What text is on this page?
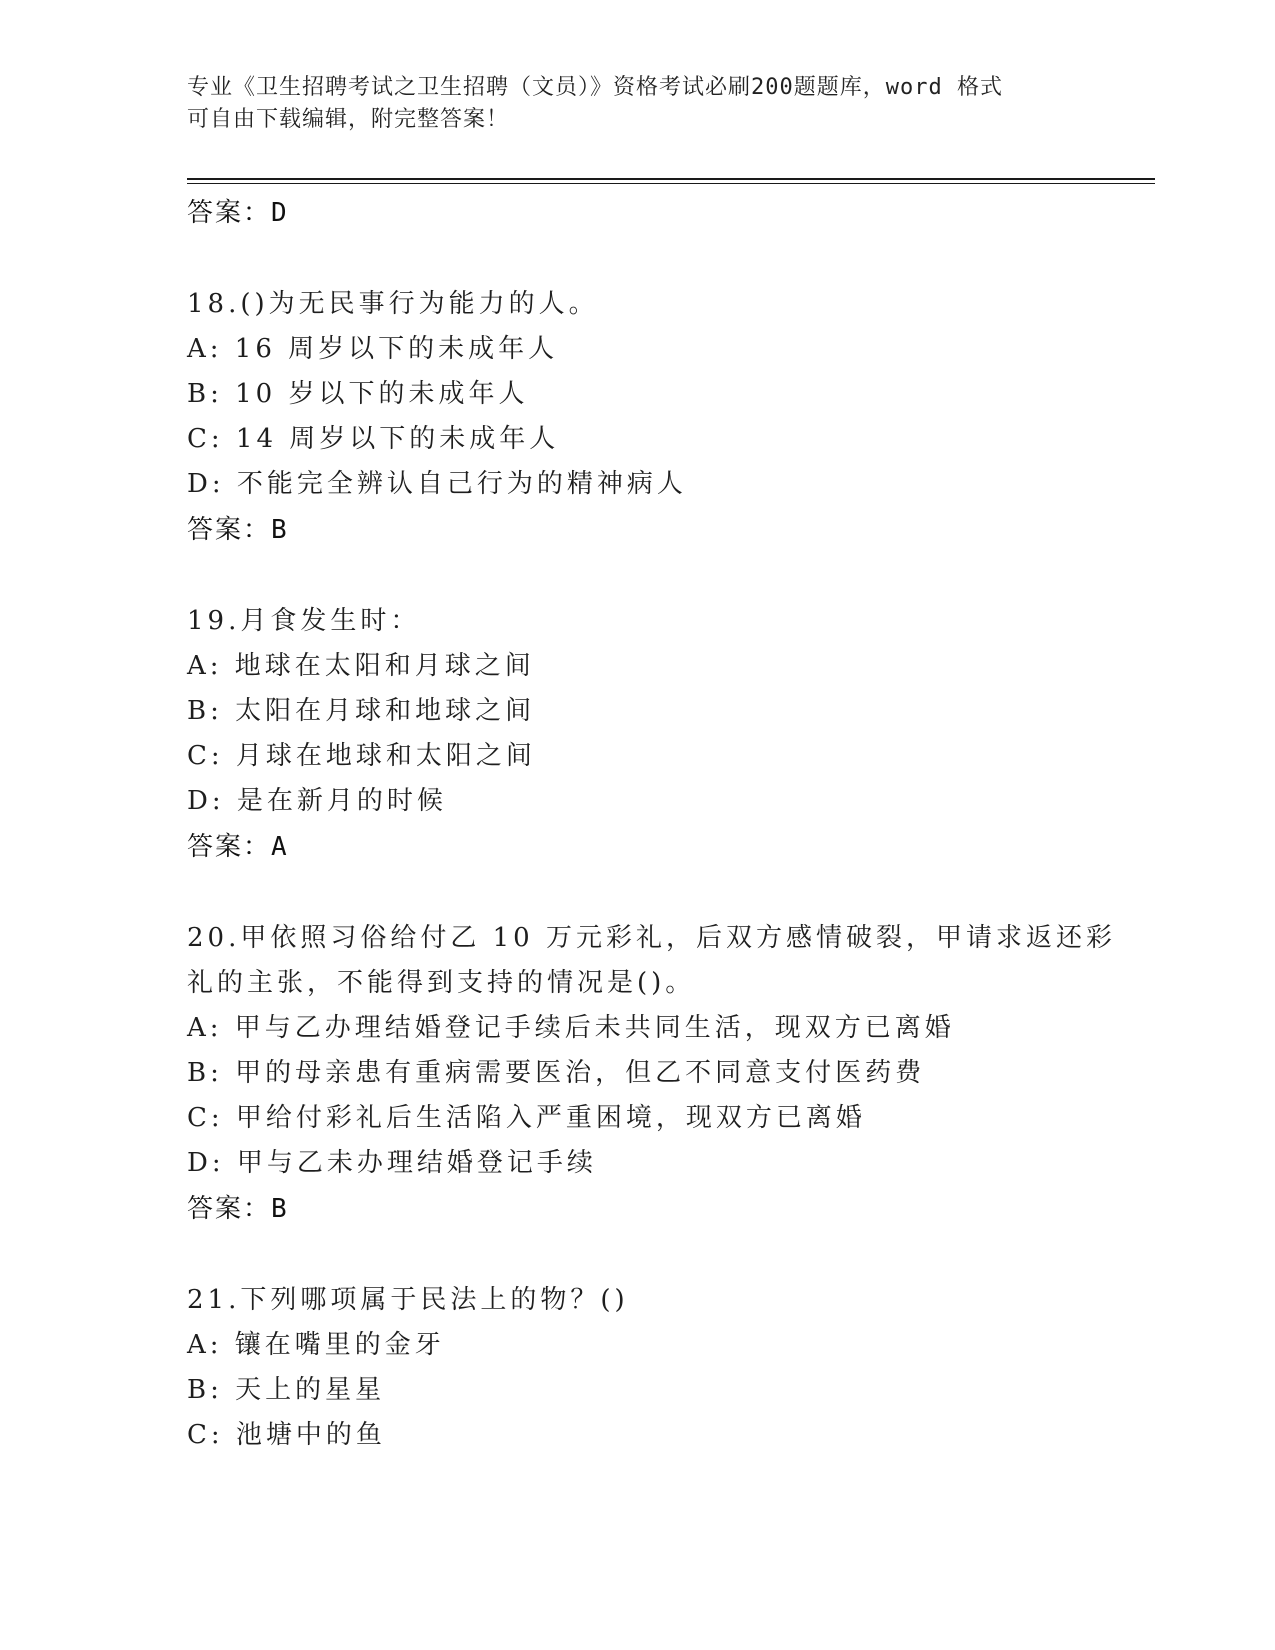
专业《卫生招聘考试之卫生招聘（文员）》资格考试必刷200题题库，word 格式
可自由下载编辑，附完整答案！
答案：D
18.()为无民事行为能力的人。
A: 16 周岁以下的未成年人
B: 10 岁以下的未成年人
C: 14 周岁以下的未成年人
D: 不能完全辨认自己行为的精神病人
答案：B
19.月食发生时：
A: 地球在太阳和月球之间
B: 太阳在月球和地球之间
C: 月球在地球和太阳之间
D: 是在新月的时候
答案：A
20.甲依照习俗给付乙 10 万元彩礼，后双方感情破裂，甲请求返还彩
礼的主张，不能得到支持的情况是()。
A: 甲与乙办理结婚登记手续后未共同生活，现双方已离婚
B: 甲的母亲患有重病需要医治，但乙不同意支付医药费
C: 甲给付彩礼后生活陷入严重困境，现双方已离婚
D: 甲与乙未办理结婚登记手续
答案：B
21.下列哪项属于民法上的物？()
A: 镶在嘴里的金牙
B: 天上的星星
C: 池塘中的鱼
